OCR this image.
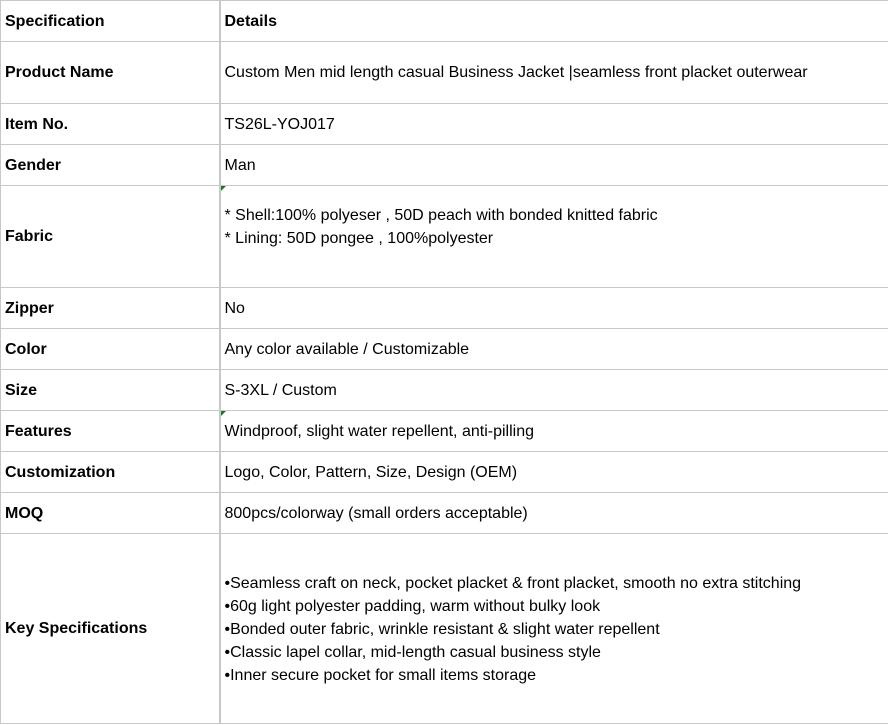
Specification	Details
Product Name	Custom Men mid length casual Business Jacket |seamless front placket outerwear
Item No.	TS26L-YOJ017
Gender	Man
Fabric	* Shell:100% polyeser , 50D peach with bonded knitted fabric
* Lining: 50D pongee , 100%polyester

Zipper	No
Color	Any color available / Customizable
Size	S-3XL / Custom
Features	Windproof, slight water repellent, anti-pilling
Customization	Logo, Color, Pattern, Size, Design (OEM)
MOQ	800pcs/colorway (small orders acceptable)
Key Specifications	•Seamless craft on neck, pocket placket & front placket, smooth no extra stitching
•60g light polyester padding, warm without bulky look
•Bonded outer fabric, wrinkle resistant & slight water repellent
•Classic lapel collar, mid-length casual business style
•Inner secure pocket for small items storage
